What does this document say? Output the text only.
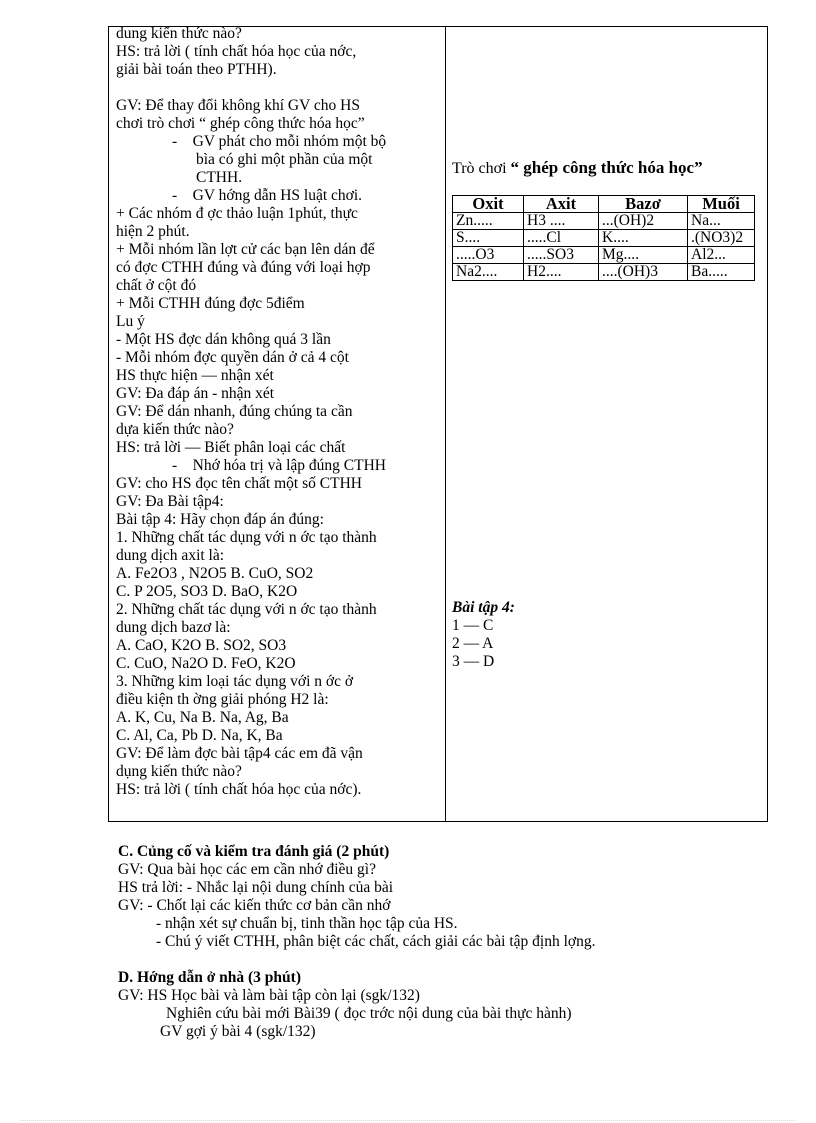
dung kiến thức nào?
HS: trả lời ( tính chất hóa học của nớc,
giải bài toán theo PTHH).
GV: Để thay đổi không khí GV cho HS
chơi trò chơi “ ghép công thức hóa học”
-    GV phát cho mỗi nhóm một bộ
bìa có ghi một phần của một
CTHH.
-    GV hớng dẫn HS luật chơi.
+ Các nhóm đ ợc thảo luận 1phút, thực
hiện 2 phút.
+ Mỗi nhóm lần lợt cử các bạn lên dán để
có đợc CTHH đúng và đúng với loại hợp
chất ở cột đó
+ Mỗi CTHH đúng đợc 5điểm
Lu ý
- Một HS đợc dán không quá 3 lần
- Mỗi nhóm đợc quyền dán ở cả 4 cột
HS thực hiện — nhận xét
GV: Đa đáp án - nhận xét
GV: Để dán nhanh, đúng chúng ta cần
dựa kiến thức nào?
HS: trả lời — Biết phân loại các chất
-    Nhớ hóa trị và lập đúng CTHH
GV: cho HS đọc tên chất một số CTHH
GV: Đa Bài tập4:
Bài tập 4: Hãy chọn đáp án đúng:
1. Những chất tác dụng với n ớc tạo thành
dung dịch axit là:
A. Fe2O3 , N2O5 B. CuO, SO2
C. P 2O5, SO3 D. BaO, K2O
2. Những chất tác dụng với n ớc tạo thành
dung dịch bazơ là:
A. CaO, K2O B. SO2, SO3
C. CuO, Na2O D. FeO, K2O
3. Những kim loại tác dụng với n ớc ở
điều kiện th ờng giải phóng H2 là:
A. K, Cu, Na B. Na, Ag, Ba
C. Al, Ca, Pb D. Na, K, Ba
GV: Để làm đợc bài tập4 các em đã vận
dụng kiến thức nào?
HS: trả lời ( tính chất hóa học của nớc).
Trò chơi “ ghép công thức hóa học”
Oxit	Axit	Bazơ	Muối
Zn.....	H3 ....	...(OH)2	Na...
S....	.....Cl	K....	.(NO3)2
.....O3	.....SO3	Mg....	Al2...
Na2....	H2....	....(OH)3	Ba.....
Bài tập 4:
1 — C
2 — A
3 — D
C. Củng cố và kiểm tra đánh giá (2 phút)
GV: Qua bài học các em cần nhớ điều gì?
HS trả lời: - Nhắc lại nội dung chính của bài
GV: - Chốt lại các kiến thức cơ bản cần nhớ
- nhận xét sự chuẩn bị, tinh thần học tập của HS.
- Chú ý viết CTHH, phân biệt các chất, cách giải các bài tập định lợng.
D. Hớng dẫn ở nhà (3 phút)
GV: HS Học bài và làm bài tập còn lại (sgk/132)
Nghiên cứu bài mới Bài39 ( đọc trớc nội dung của bài thực hành)
GV gợi ý bài 4 (sgk/132)
